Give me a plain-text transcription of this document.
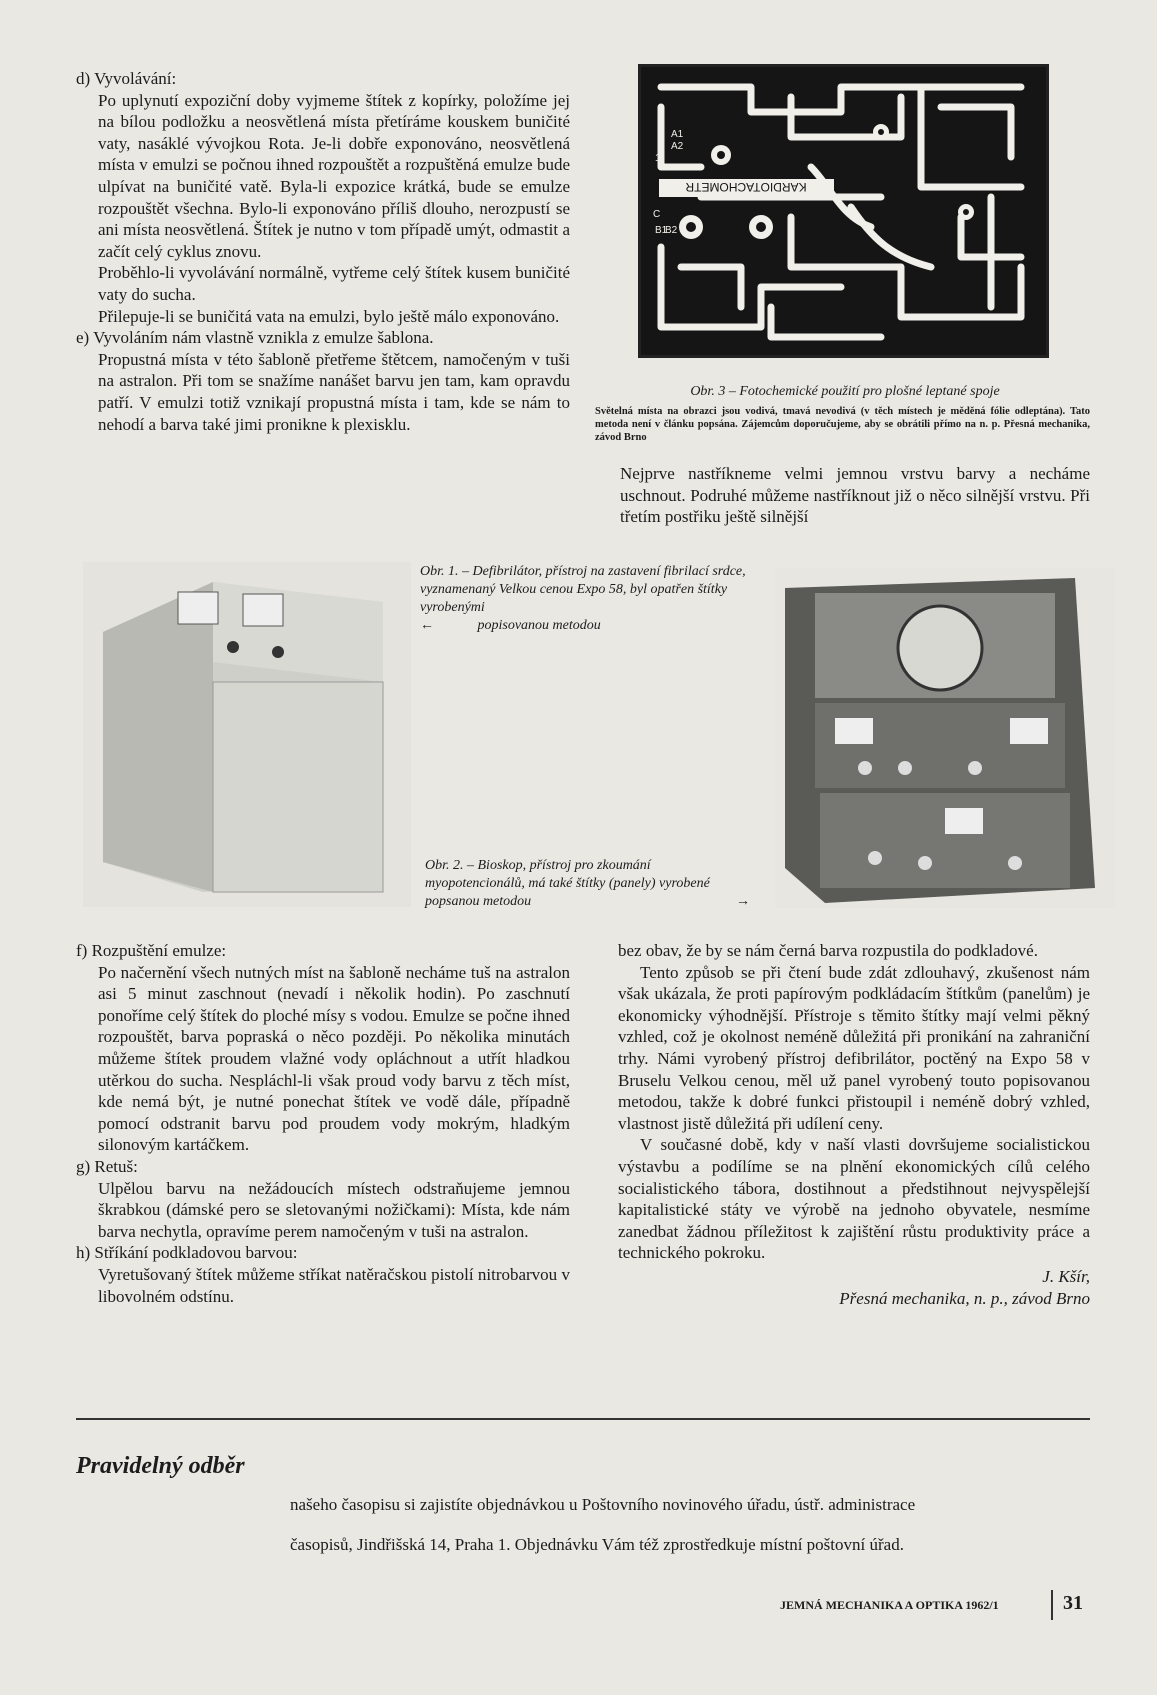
d) Vyvolávání:

Po uplynutí expoziční doby vyjmeme štítek z kopírky, položíme jej na bílou podložku a neosvětlená místa přetíráme kouskem buničité vaty, nasáklé vývojkou Rota. Je-li dobře exponováno, neosvětlená místa v emulzi se počnou ihned rozpouštět a rozpuštěná emulze bude ulpívat na buničité vatě. Byla-li expozice krátká, bude se emulze rozpouštět všechna. Bylo-li exponováno příliš dlouho, nerozpustí se ani místa neosvětlená. Štítek je nutno v tom případě umýt, odmastit a začít celý cyklus znovu.

Proběhlo-li vyvolávání normálně, vytřeme celý štítek kusem buničité vaty do sucha.

Přilepuje-li se buničitá vata na emulzi, bylo ještě málo exponováno.

e) Vyvoláním nám vlastně vznikla z emulze šablona.

Propustná místa v této šabloně přetřeme štětcem, namočeným v tuši na astralon. Při tom se snažíme nanášet barvu jen tam, kam opravdu patří. V emulzi totiž vznikají propustná místa i tam, kde se nám to nehodí a barva také jimi pronikne k plexisklu.

KARDIOTACHOMETR
A1
A2
1
B1
B2
C
Obr. 3 – Fotochemické použití pro plošné leptané spoje
Světelná místa na obrazci jsou vodivá, tmavá nevodivá (v těch místech je měděná fólie odleptána). Tato metoda není v článku popsána. Zájemcům doporučujeme, aby se obrátili přímo na n. p. Přesná mechanika, závod Brno
Nejprve nastříkneme velmi jemnou vrstvu barvy a necháme uschnout. Podruhé můžeme nastříknout již o něco silnější vrstvu. Při třetím postřiku ještě silnější
Obr. 1. – Defibrilátor, přístroj na zastavení fibrilací srdce, vyznamenaný Velkou cenou Expo 58, byl opatřen štítky vyrobenými
←	popisovanou metodou
Obr. 2. – Bioskop, přístroj pro zkoumání myopotencionálů, má také štítky (panely) vyrobené popsanou metodou	→

f) Rozpuštění emulze:

Po načernění všech nutných míst na šabloně necháme tuš na astralon asi 5 minut zaschnout (nevadí i několik hodin). Po zaschnutí ponoříme celý štítek do ploché mísy s vodou. Emulze se počne ihned rozpouštět, barva popraská o něco později. Po několika minutách můžeme štítek proudem vlažné vody opláchnout a utřít hladkou utěrkou do sucha. Nespláchl-li však proud vody barvu z těch míst, kde nemá být, je nutné ponechat štítek ve vodě dále, případně pomocí odstranit barvu pod proudem vody mokrým, hladkým silonovým kartáčkem.

g) Retuš:

Ulpělou barvu na nežádoucích místech odstraňujeme jemnou škrabkou (dámské pero se sletovanými nožičkami): Místa, kde nám barva nechytla, opravíme perem namočeným v tuši na astralon.

h) Stříkání podkladovou barvou:

Vyretušovaný štítek můžeme stříkat natěračskou pistolí nitrobarvou v libovolném odstínu.

bez obav, že by se nám černá barva rozpustila do podkladové.

Tento způsob se při čtení bude zdát zdlouhavý, zkušenost nám však ukázala, že proti papírovým podkládacím štítkům (panelům) je ekonomicky výhodnější. Přístroje s těmito štítky mají velmi pěkný vzhled, což je okolnost neméně důležitá při pronikání na zahraniční trhy. Námi vyrobený přístroj defibrilátor, poctěný na Expo 58 v Bruselu Velkou cenou, měl už panel vyrobený touto popisovanou metodou, takže k dobré funkci přistoupil i neméně dobrý vzhled, vlastnost jistě důležitá při udílení ceny.

V současné době, kdy v naší vlasti dovršujeme socialistickou výstavbu a podílíme se na plnění ekonomických cílů celého socialistického tábora, dostihnout a předstihnout nejvyspělejší kapitalistické státy ve výrobě na jednoho obyvatele, nesmíme zanedbat žádnou příležitost k zajištění růstu produktivity práce a technického pokroku.

J. Kšír,

Přesná mechanika, n. p., závod Brno

Pravidelný odběr
našeho časopisu si zajistíte objednávkou u Poštovního novinového úřadu, ústř. administrace
časopisů, Jindřišská 14, Praha 1. Objednávku Vám též zprostředkuje místní poštovní úřad.
JEMNÁ MECHANIKA A OPTIKA 1962/1	31
